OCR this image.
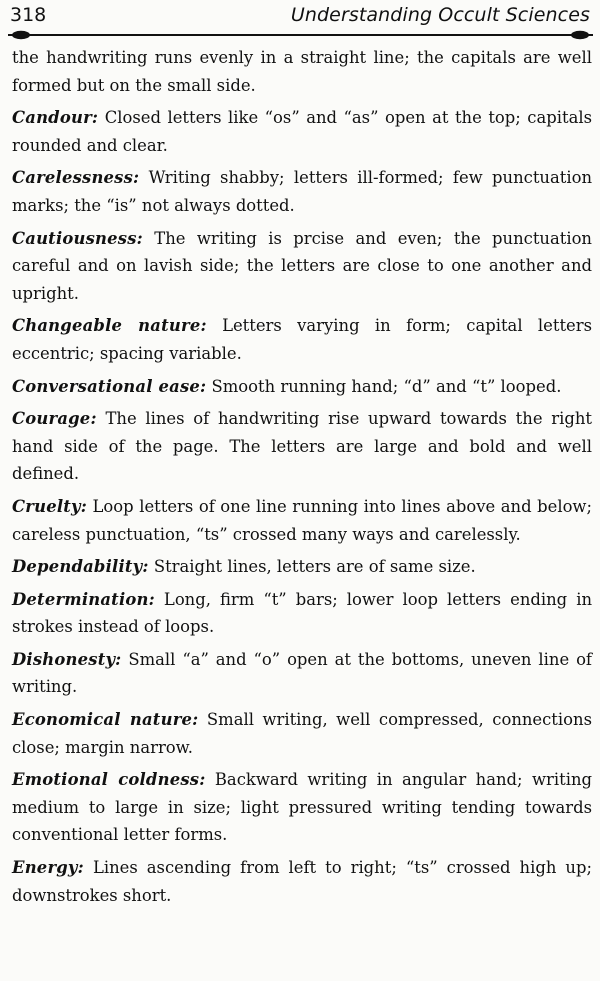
318	Understanding Occult Sciences

the handwriting runs evenly in a straight line; the capitals are well formed but on the small side.

Candour: Closed letters like “os” and “as” open at the top; capitals rounded and clear.

Carelessness: Writing shabby; letters ill-formed; few punctuation marks; the “is” not always dotted.

Cautiousness: The writing is prcise and even; the punctuation careful and on lavish side; the letters are close to one another and upright.

Changeable nature: Letters varying in form; capital letters eccentric; spacing variable.

Conversational ease: Smooth running hand; “d” and “t” looped.

Courage: The lines of handwriting rise upward towards the right hand side of the page. The letters are large and bold and well defined.

Cruelty: Loop letters of one line running into lines above and below; careless punctuation, “ts” crossed many ways and carelessly.

Dependability: Straight lines, letters are of same size.

Determination: Long, firm “t” bars; lower loop letters ending in strokes instead of loops.

Dishonesty: Small “a” and “o” open at the bottoms, uneven line of writing.

Economical nature: Small writing, well compressed, connections close; margin narrow.

Emotional coldness: Backward writing in angular hand; writing medium to large in size; light pressured writing tending towards conventional letter forms.

Energy: Lines ascending from left to right; “ts” crossed high up; downstrokes short.
